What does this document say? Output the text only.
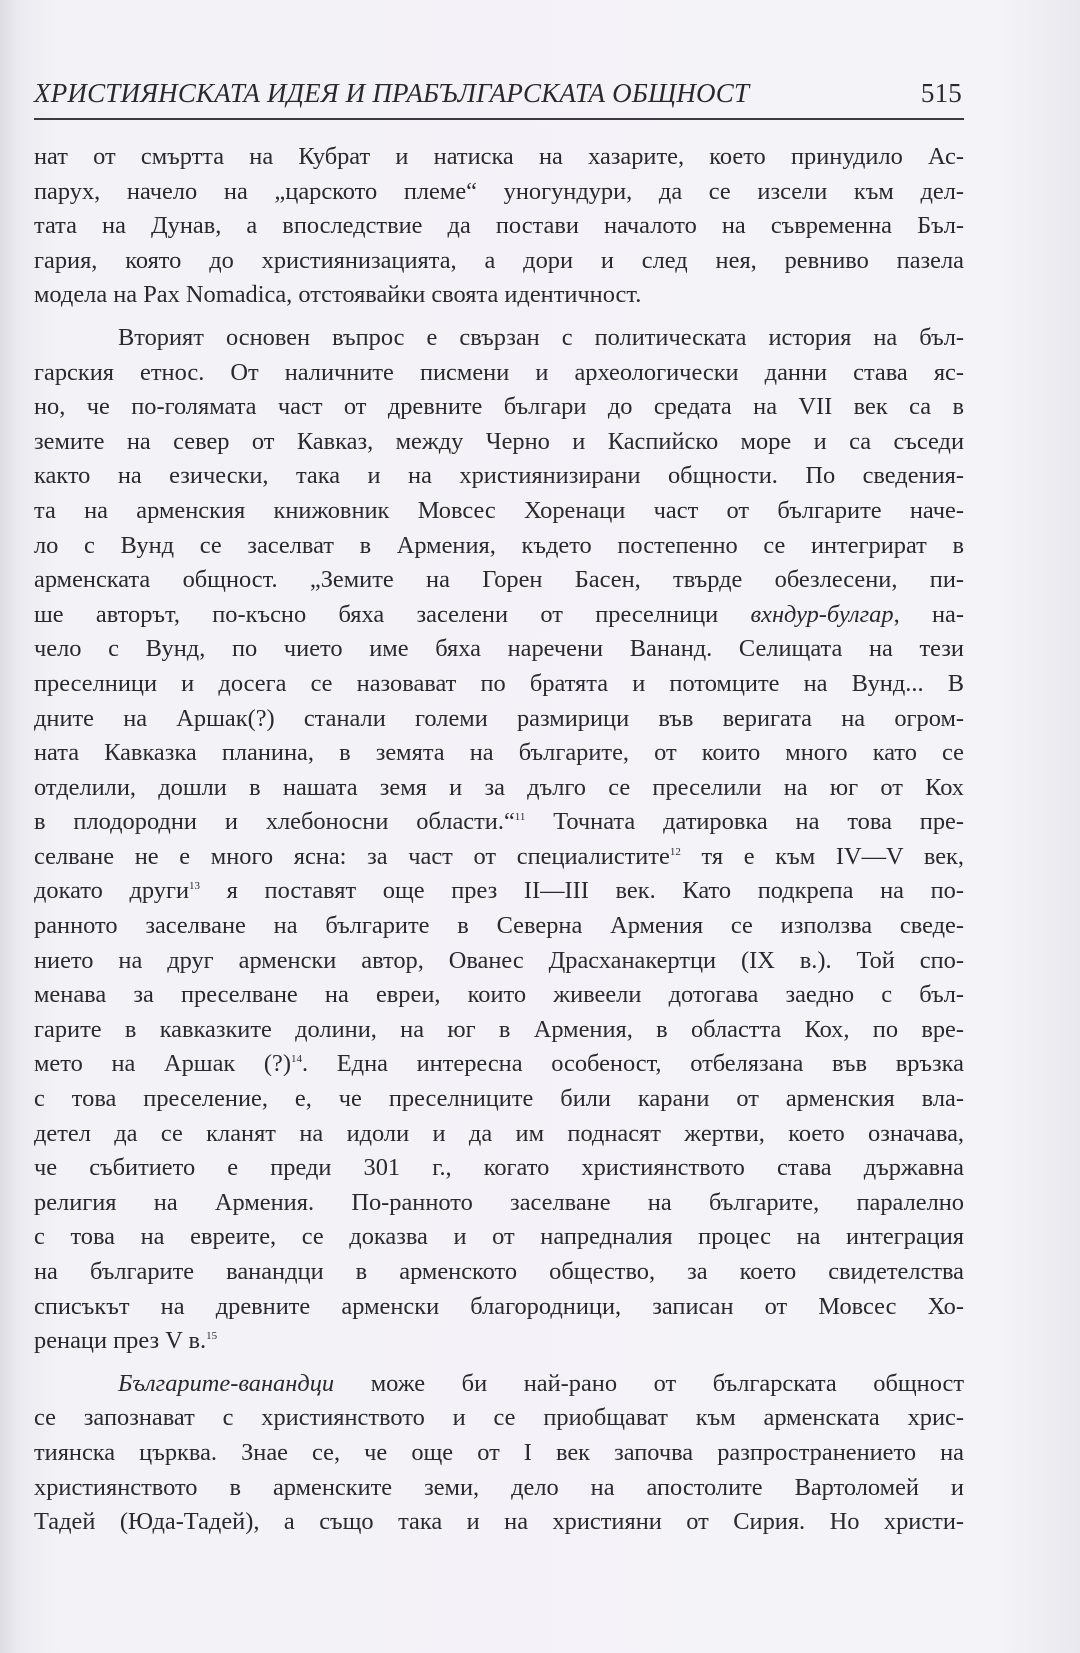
ХРИСТИЯНСКАТА ИДЕЯ И ПРАБЪЛГАРСКАТА ОБЩНОСТ	515
нат от смъртта на Кубрат и натиска на хазарите, което принудило Ас-
парух, начело на „царското племе“ уногундури, да се изсели към дел-
тата на Дунав, а впоследствие да постави началото на съвременна Бъл-
гария, която до християнизацията, а дори и след нея, ревниво пазела
модела на Pax Nomadica, отстоявайки своята идентичност.
Вторият основен въпрос е свързан с политическата история на бъл-
гарския етнос. От наличните писмени и археологически данни става яс-
но, че по-голямата част от древните българи до средата на VII век са в
земите на север от Кавказ, между Черно и Каспийско море и са съседи
както на езически, така и на християнизирани общности. По сведения-
та на арменския книжовник Мовсес Хоренаци част от българите наче-
ло с Вунд се заселват в Армения, където постепенно се интегрират в
арменската общност. „Земите на Горен Басен, твърде обезлесени, пи-
ше авторът, по-късно бяха заселени от преселници вхндур-булгар, на-
чело с Вунд, по чието име бяха наречени Вананд. Селищата на тези
преселници и досега се назовават по братята и потомците на Вунд... В
дните на Аршак(?) станали големи размирици във веригата на огром-
ната Кавказка планина, в земята на българите, от които много като се
отделили, дошли в нашата земя и за дълго се преселили на юг от Кох
в плодородни и хлебоносни области.“$^{11}$ Точната датировка на това пре-
селване не е много ясна: за част от специалистите$^{12}$ тя е към IV—V век,
докато други$^{13}$ я поставят още през II—III век. Като подкрепа на по-
ранното заселване на българите в Северна Армения се използва сведе-
нието на друг арменски автор, Ованес Драсханакертци (IX в.). Той спо-
менава за преселване на евреи, които живеели дотогава заедно с бъл-
гарите в кавказките долини, на юг в Армения, в областта Кох, по вре-
мето на Аршак (?)$^{14}$. Една интересна особеност, отбелязана във връзка
с това преселение, е, че преселниците били карани от арменския вла-
детел да се кланят на идоли и да им поднасят жертви, което означава,
че събитието е преди 301 г., когато християнството става държавна
религия на Армения. По-ранното заселване на българите, паралелно
с това на евреите, се доказва и от напредналия процес на интеграция
на българите ванандци в арменското общество, за което свидетелства
списъкът на древните арменски благородници, записан от Мовсес Хо-
ренаци през V в.$^{15}$
Българите-ванандци може би най-рано от българската общност
се запознават с християнството и се приобщават към арменската хрис-
тиянска църква. Знае се, че още от I век започва разпространението на
християнството в арменските земи, дело на апостолите Вартоломей и
Тадей (Юда-Тадей), а също така и на християни от Сирия. Но христи-
